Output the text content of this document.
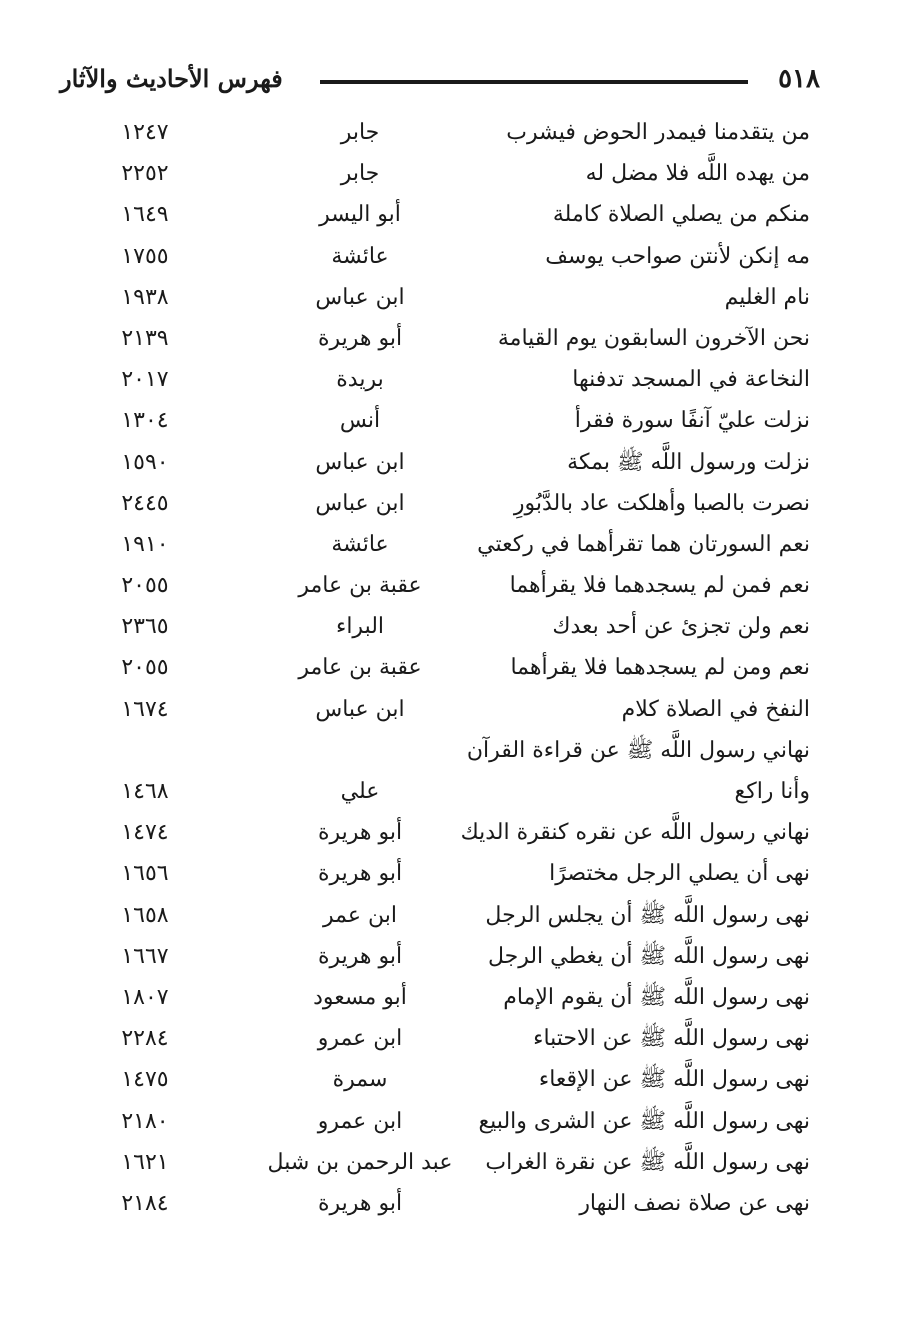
٥١٨
فهرس الأحاديث والآثار
من يتقدمنا فيمدر الحوض فيشرب
جابر
١٢٤٧
من يهده اللَّه فلا مضل له
جابر
٢٢٥٢
منكم من يصلي الصلاة كاملة
أبو اليسر
١٦٤٩
مه إنكن لأنتن صواحب يوسف
عائشة
١٧٥٥
نام الغليم
ابن عباس
١٩٣٨
نحن الآخرون السابقون يوم القيامة
أبو هريرة
٢١٣٩
النخاعة في المسجد تدفنها
بريدة
٢٠١٧
نزلت عليّ آنفًا سورة فقرأ
أنس
١٣٠٤
نزلت ورسول اللَّه ﷺ بمكة
ابن عباس
١٥٩٠
نصرت بالصبا وأهلكت عاد بالدَّبُورِ
ابن عباس
٢٤٤٥
نعم السورتان هما تقرأهما في ركعتي
عائشة
١٩١٠
نعم فمن لم يسجدهما فلا يقرأهما
عقبة بن عامر
٢٠٥٥
نعم ولن تجزئ عن أحد بعدك
البراء
٢٣٦٥
نعم ومن لم يسجدهما فلا يقرأهما
عقبة بن عامر
٢٠٥٥
النفخ في الصلاة كلام
ابن عباس
١٦٧٤
نهاني رسول اللَّه ﷺ عن قراءة القرآن
وأنا راكع
علي
١٤٦٨
نهاني رسول اللَّه عن نقره كنقرة الديك
أبو هريرة
١٤٧٤
نهى أن يصلي الرجل مختصرًا
أبو هريرة
١٦٥٦
نهى رسول اللَّه ﷺ أن يجلس الرجل
ابن عمر
١٦٥٨
نهى رسول اللَّه ﷺ أن يغطي الرجل
أبو هريرة
١٦٦٧
نهى رسول اللَّه ﷺ أن يقوم الإمام
أبو مسعود
١٨٠٧
نهى رسول اللَّه ﷺ عن الاحتباء
ابن عمرو
٢٢٨٤
نهى رسول اللَّه ﷺ عن الإقعاء
سمرة
١٤٧٥
نهى رسول اللَّه ﷺ عن الشرى والبيع
ابن عمرو
٢١٨٠
نهى رسول اللَّه ﷺ عن نقرة الغراب
عبد الرحمن بن شبل
١٦٢١
نهى عن صلاة نصف النهار
أبو هريرة
٢١٨٤
